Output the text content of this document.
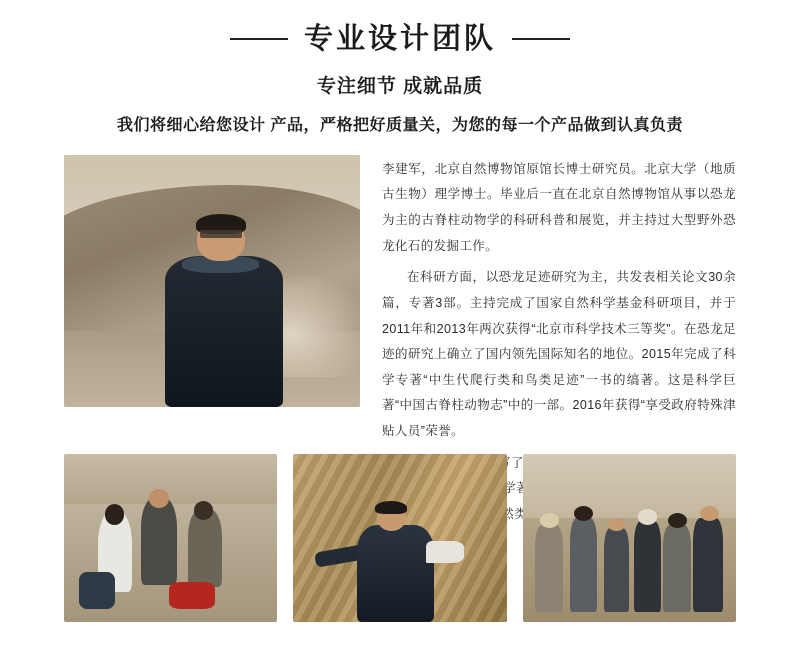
专业设计团队
专注细节 成就品质
我们将细心给您设计 产品，严格把好质量关，为您的每一个产品做到认真负责

李建军，北京自然博物馆原馆长博士研究员。北京大学（地质古生物）理学博士。毕业后一直在北京自然博物馆从事以恐龙为主的古脊柱动物学的科研科普和展览，并主持过大型野外恐龙化石的发掘工作。

在科研方面，以恐龙足迹研究为主，共发表相关论文30余篇，专著3部。主持完成了国家自然科学基金科研项目，并于2011年和2013年两次获得“北京市科学技术三等奖”。在恐龙足迹的研究上确立了国内领先国际知名的地位。2015年完成了科学专著“中生代爬行类和鸟类足迹”一书的缟著。这是科学巨著“中国古脊柱动物志”中的一部。2016年获得“享受政府特殊津贴人员”荣誉。
